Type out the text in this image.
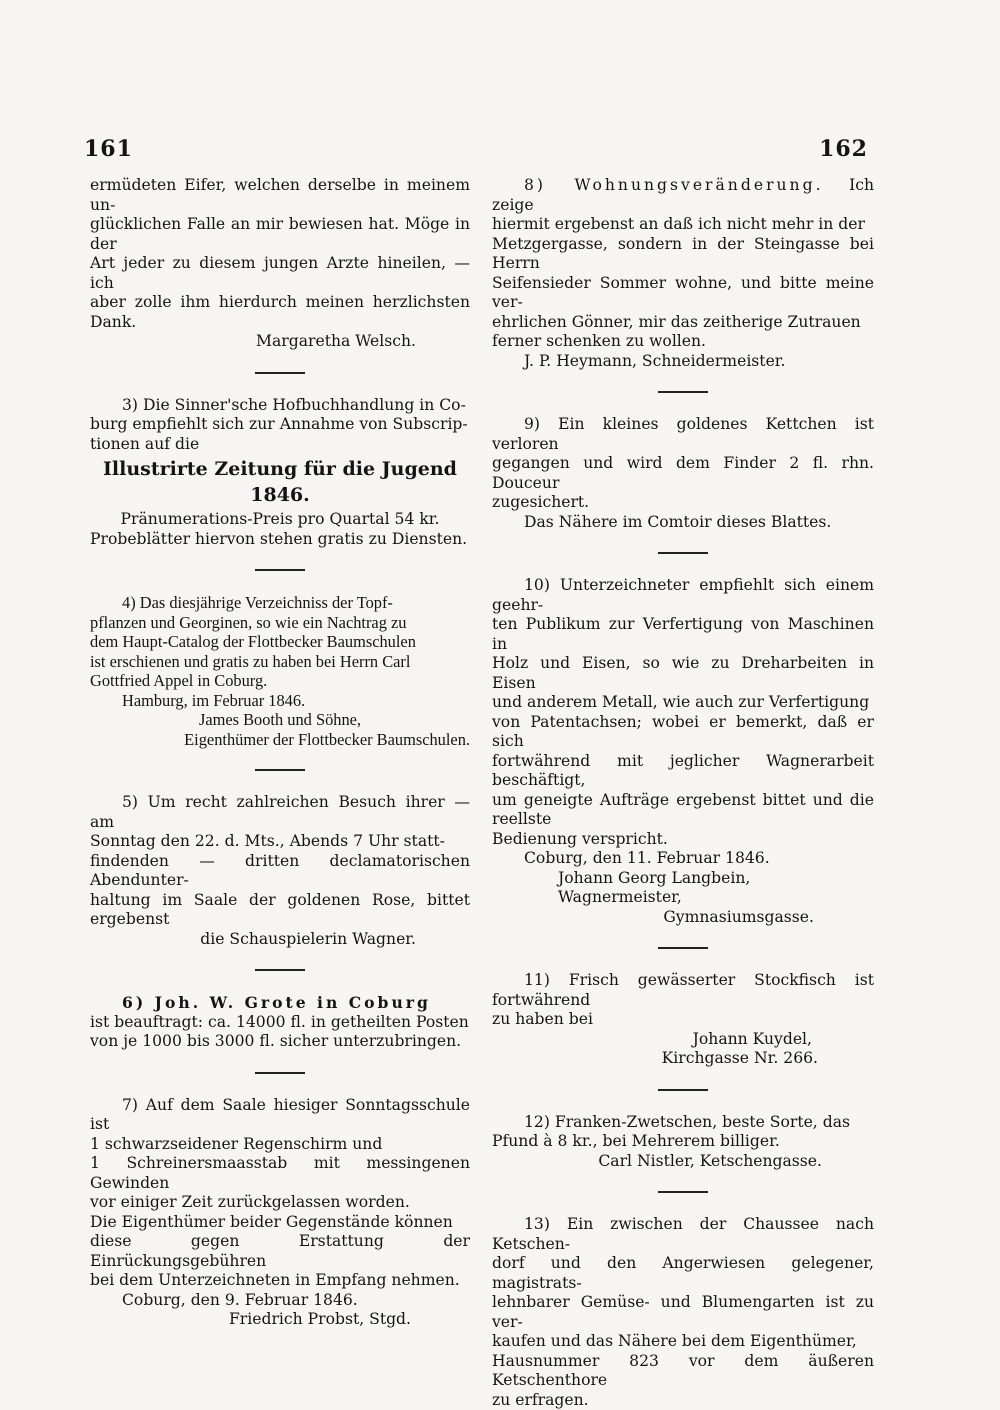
161	162

ermüdeten Eifer, welchen derselbe in meinem un-

glücklichen Falle an mir bewiesen hat. Möge in der

Art jeder zu diesem jungen Arzte hineilen, — ich

aber zolle ihm hierdurch meinen herzlichsten Dank.

Margaretha Welsch.

3) Die Sinner'sche Hofbuchhandlung in Co-

burg empfiehlt sich zur Annahme von Subscrip-

tionen auf die

Illustrirte Zeitung für die Jugend 1846.

Pränumerations-Preis pro Quartal 54 kr.

Probeblätter hiervon stehen gratis zu Diensten.

4) Das diesjährige Verzeichniss der Topf-

pflanzen und Georginen, so wie ein Nachtrag zu

dem Haupt-Catalog der Flottbecker Baumschulen

ist erschienen und gratis zu haben bei Herrn Carl

Gottfried Appel in Coburg.

Hamburg, im Februar 1846.

James Booth und Söhne,

Eigenthümer der Flottbecker Baumschulen.

5) Um recht zahlreichen Besuch ihrer — am

Sonntag den 22. d. Mts., Abends 7 Uhr statt-

findenden — dritten declamatorischen Abendunter-

haltung im Saale der goldenen Rose, bittet ergebenst

die Schauspielerin Wagner.

6) Joh. W. Grote in Coburg

ist beauftragt: ca. 14000 fl. in getheilten Posten

von je 1000 bis 3000 fl. sicher unterzubringen.

7) Auf dem Saale hiesiger Sonntagsschule ist

1 schwarzseidener Regenschirm und

1 Schreinersmaasstab mit messingenen Gewinden

vor einiger Zeit zurückgelassen worden.

Die Eigenthümer beider Gegenstände können

diese gegen Erstattung der Einrückungsgebühren

bei dem Unterzeichneten in Empfang nehmen.

Coburg, den 9. Februar 1846.

Friedrich Probst, Stgd.

8) Wohnungsveränderung. Ich zeige

hiermit ergebenst an daß ich nicht mehr in der

Metzgergasse, sondern in der Steingasse bei Herrn

Seifensieder Sommer wohne, und bitte meine ver-

ehrlichen Gönner, mir das zeitherige Zutrauen

ferner schenken zu wollen.

J. P. Heymann, Schneidermeister.

9) Ein kleines goldenes Kettchen ist verloren

gegangen und wird dem Finder 2 fl. rhn. Douceur

zugesichert.

Das Nähere im Comtoir dieses Blattes.

10) Unterzeichneter empfiehlt sich einem geehr-

ten Publikum zur Verfertigung von Maschinen in

Holz und Eisen, so wie zu Dreharbeiten in Eisen

und anderem Metall, wie auch zur Verfertigung

von Patentachsen; wobei er bemerkt, daß er sich

fortwährend mit jeglicher Wagnerarbeit beschäftigt,

um geneigte Aufträge ergebenst bittet und die reellste

Bedienung verspricht.

Coburg, den 11. Februar 1846.

Johann Georg Langbein, Wagnermeister,

Gymnasiumsgasse.

11) Frisch gewässerter Stockfisch ist fortwährend

zu haben bei

Johann Kuydel,

Kirchgasse Nr. 266.

12) Franken-Zwetschen, beste Sorte, das

Pfund à 8 kr., bei Mehrerem billiger.

Carl Nistler, Ketschengasse.

13) Ein zwischen der Chaussee nach Ketschen-

dorf und den Angerwiesen gelegener, magistrats-

lehnbarer Gemüse- und Blumengarten ist zu ver-

kaufen und das Nähere bei dem Eigenthümer,

Hausnummer 823 vor dem äußeren Ketschenthore

zu erfragen.
